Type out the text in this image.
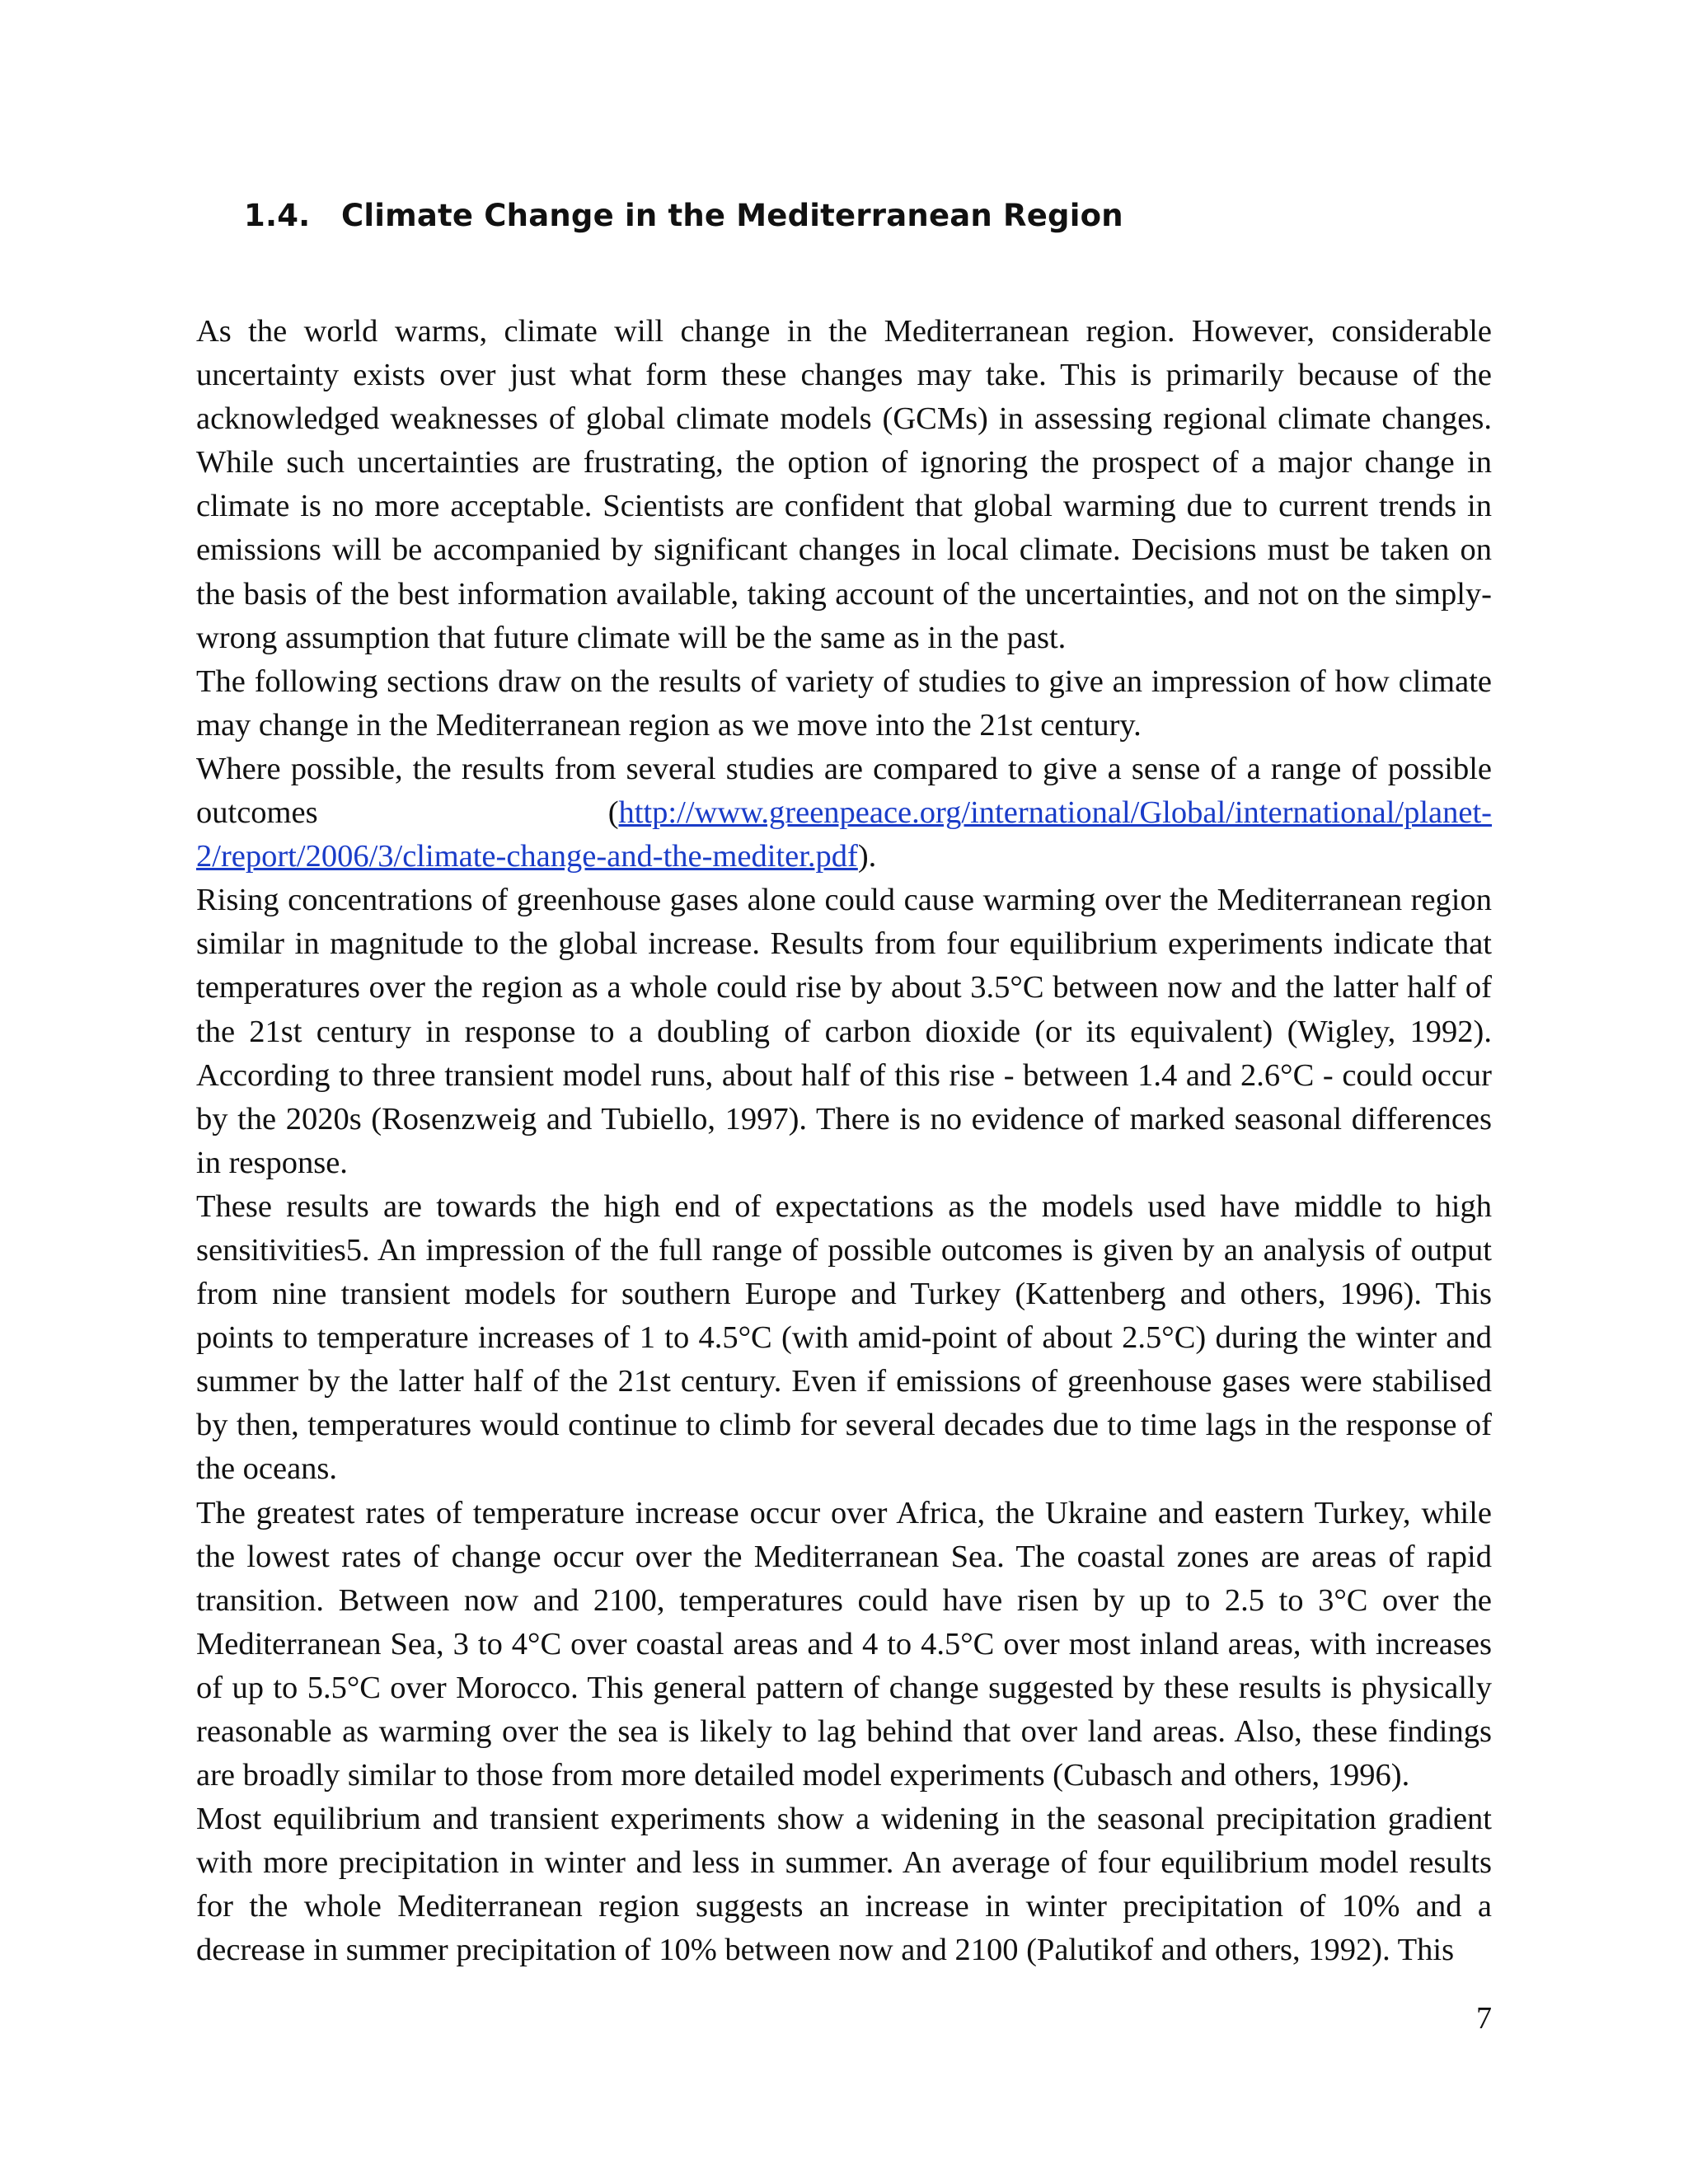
1.4. Climate Change in the Mediterranean Region

As the world warms, climate will change in the Mediterranean region. However, considerable uncertainty exists over just what form these changes may take. This is primarily because of the acknowledged weaknesses of global climate models (GCMs) in assessing regional climate changes. While such uncertainties are frustrating, the option of ignoring the prospect of a major change in climate is no more acceptable. Scientists are confident that global warming due to current trends in emissions will be accompanied by significant changes in local climate. Decisions must be taken on the basis of the best information available, taking account of the uncertainties, and not on the simply-wrong assumption that future climate will be the same as in the past.

The following sections draw on the results of variety of studies to give an impression of how climate may change in the Mediterranean region as we move into the 21st century.

Where possible, the results from several studies are compared to give a sense of a range of possible outcomes (http://www.greenpeace.org/international/Global/international/planet-2/report/2006/3/climate-change-and-the-mediter.pdf).

Rising concentrations of greenhouse gases alone could cause warming over the Mediterranean region similar in magnitude to the global increase. Results from four equilibrium experiments indicate that temperatures over the region as a whole could rise by about 3.5°C between now and the latter half of the 21st century in response to a doubling of carbon dioxide (or its equivalent) (Wigley, 1992). According to three transient model runs, about half of this rise - between 1.4 and 2.6°C - could occur by the 2020s (Rosenzweig and Tubiello, 1997). There is no evidence of marked seasonal differences in response.

These results are towards the high end of expectations as the models used have middle to high sensitivities5. An impression of the full range of possible outcomes is given by an analysis of output from nine transient models for southern Europe and Turkey (Kattenberg and others, 1996). This points to temperature increases of 1 to 4.5°C (with amid-point of about 2.5°C) during the winter and summer by the latter half of the 21st century. Even if emissions of greenhouse gases were stabilised by then, temperatures would continue to climb for several decades due to time lags in the response of the oceans.

The greatest rates of temperature increase occur over Africa, the Ukraine and eastern Turkey, while the lowest rates of change occur over the Mediterranean Sea. The coastal zones are areas of rapid transition. Between now and 2100, temperatures could have risen by up to 2.5 to 3°C over the Mediterranean Sea, 3 to 4°C over coastal areas and 4 to 4.5°C over most inland areas, with increases of up to 5.5°C over Morocco. This general pattern of change suggested by these results is physically reasonable as warming over the sea is likely to lag behind that over land areas. Also, these findings are broadly similar to those from more detailed model experiments (Cubasch and others, 1996).

Most equilibrium and transient experiments show a widening in the seasonal precipitation gradient with more precipitation in winter and less in summer. An average of four equilibrium model results for the whole Mediterranean region suggests an increase in winter precipitation of 10% and a decrease in summer precipitation of 10% between now and 2100 (Palutikof and others, 1992). This

7
